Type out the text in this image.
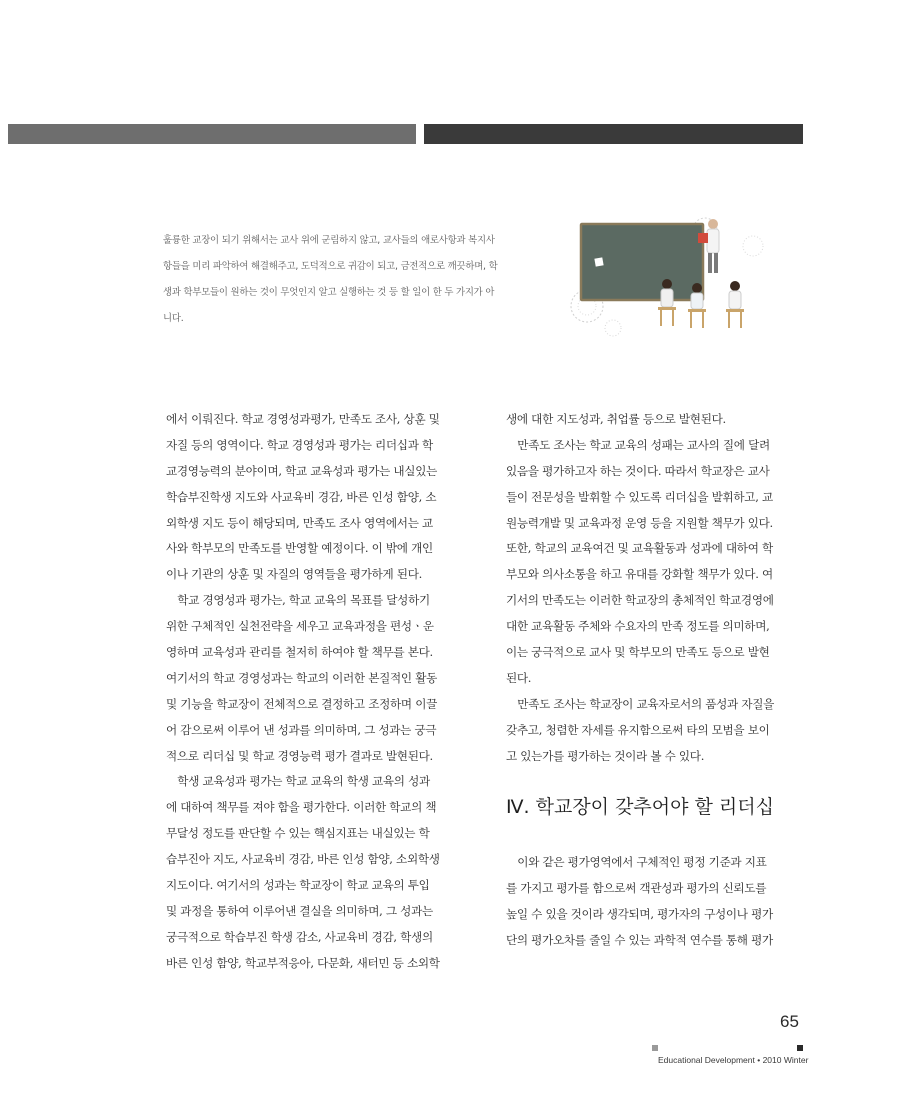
훌륭한 교장이 되기 위해서는 교사 위에 군림하지 않고, 교사들의 애로사항과 복지사
항들을 미리 파악하여 해결해주고, 도덕적으로 귀감이 되고, 금전적으로 깨끗하며, 학
생과 학부모들이 원하는 것이 무엇인지 알고 실행하는 것 등 할 일이 한 두 가지가 아
니다.
에서 이뤄진다. 학교 경영성과평가, 만족도 조사, 상훈 및
자질 등의 영역이다. 학교 경영성과 평가는 리더십과 학
교경영능력의 분야이며, 학교 교육성과 평가는 내실있는
학습부진학생 지도와 사교육비 경감, 바른 인성 함양, 소
외학생 지도 등이 해당되며, 만족도 조사 영역에서는 교
사와 학부모의 만족도를 반영할 예정이다. 이 밖에 개인
이나 기관의 상훈 및 자질의 영역들을 평가하게 된다.
　학교 경영성과 평가는, 학교 교육의 목표를 달성하기
위한 구체적인 실천전략을 세우고 교육과정을 편성ㆍ운
영하며 교육성과 관리를 철저히 하여야 할 책무를 본다.
여기서의 학교 경영성과는 학교의 이러한 본질적인 활동
및 기능을 학교장이 전체적으로 결정하고 조정하며 이끌
어 감으로써 이루어 낸 성과를 의미하며, 그 성과는 궁극
적으로 리더십 및 학교 경영능력 평가 결과로 발현된다.
　학생 교육성과 평가는 학교 교육의 학생 교육의 성과
에 대하여 책무를 져야 함을 평가한다. 이러한 학교의 책
무달성 정도를 판단할 수 있는 핵심지표는 내실있는 학
습부진아 지도, 사교육비 경감, 바른 인성 함양, 소외학생
지도이다. 여기서의 성과는 학교장이 학교 교육의 투입
및 과정을 통하여 이루어낸 결실을 의미하며, 그 성과는
궁극적으로 학습부진 학생 감소, 사교육비 경감, 학생의
바른 인성 함양, 학교부적응아, 다문화, 새터민 등 소외학
생에 대한 지도성과, 취업률 등으로 발현된다.
　만족도 조사는 학교 교육의 성패는 교사의 질에 달려
있음을 평가하고자 하는 것이다. 따라서 학교장은 교사
들이 전문성을 발휘할 수 있도록 리더십을 발휘하고, 교
원능력개발 및 교육과정 운영 등을 지원할 책무가 있다.
또한, 학교의 교육여건 및 교육활동과 성과에 대하여 학
부모와 의사소통을 하고 유대를 강화할 책무가 있다. 여
기서의 만족도는 이러한 학교장의 총체적인 학교경영에
대한 교육활동 주체와 수요자의 만족 정도를 의미하며,
이는 궁극적으로 교사 및 학부모의 만족도 등으로 발현
된다.
　만족도 조사는 학교장이 교육자로서의 품성과 자질을
갖추고, 청렴한 자세를 유지함으로써 타의 모범을 보이
고 있는가를 평가하는 것이라 볼 수 있다.
Ⅳ. 학교장이 갖추어야 할 리더십
　이와 같은 평가영역에서 구체적인 평정 기준과 지표
를 가지고 평가를 함으로써 객관성과 평가의 신뢰도를
높일 수 있을 것이라 생각되며, 평가자의 구성이나 평가
단의 평가오차를 줄일 수 있는 과학적 연수를 통해 평가
65
Educational Development • 2010 Winter
